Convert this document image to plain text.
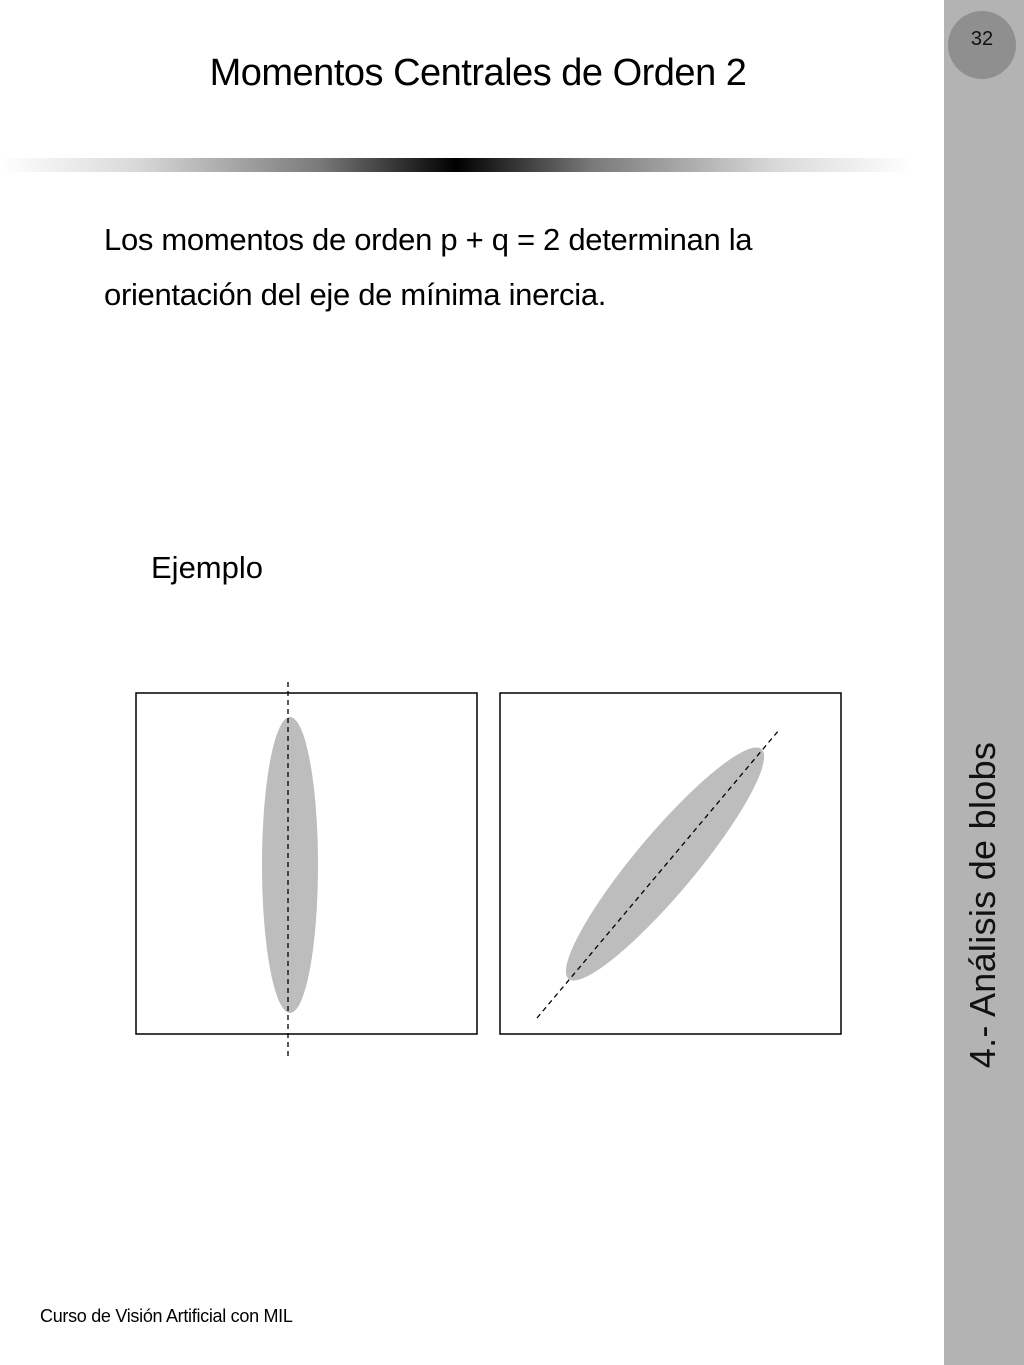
Momentos Centrales de Orden 2
Los momentos de orden p + q = 2 determinan la orientación del eje de mínima inercia.
Ejemplo
32
4.- Análisis de blobs
Curso de Visión Artificial con MIL
